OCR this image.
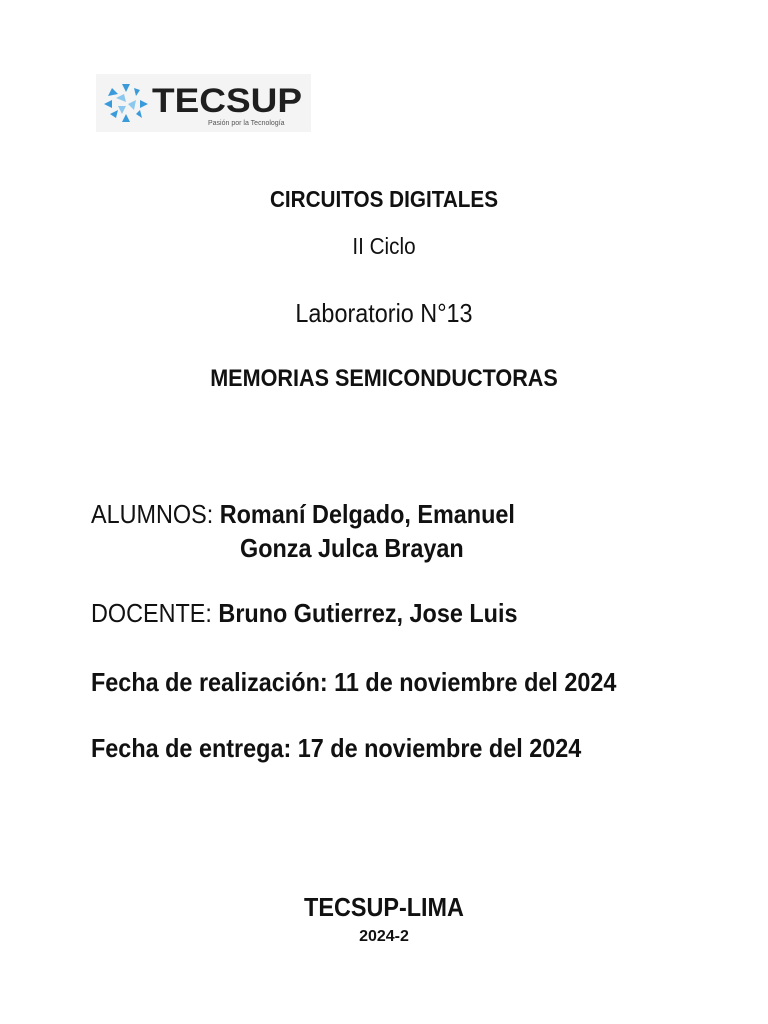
TECSUP
Pasión por la Tecnología
CIRCUITOS DIGITALES
II Ciclo
Laboratorio N°13
MEMORIAS SEMICONDUCTORAS
ALUMNOS: Romaní Delgado, Emanuel
Gonza Julca Brayan
DOCENTE: Bruno Gutierrez, Jose Luis
Fecha de realización: 11 de noviembre del 2024
Fecha de entrega: 17 de noviembre del 2024
TECSUP-LIMA
2024-2
